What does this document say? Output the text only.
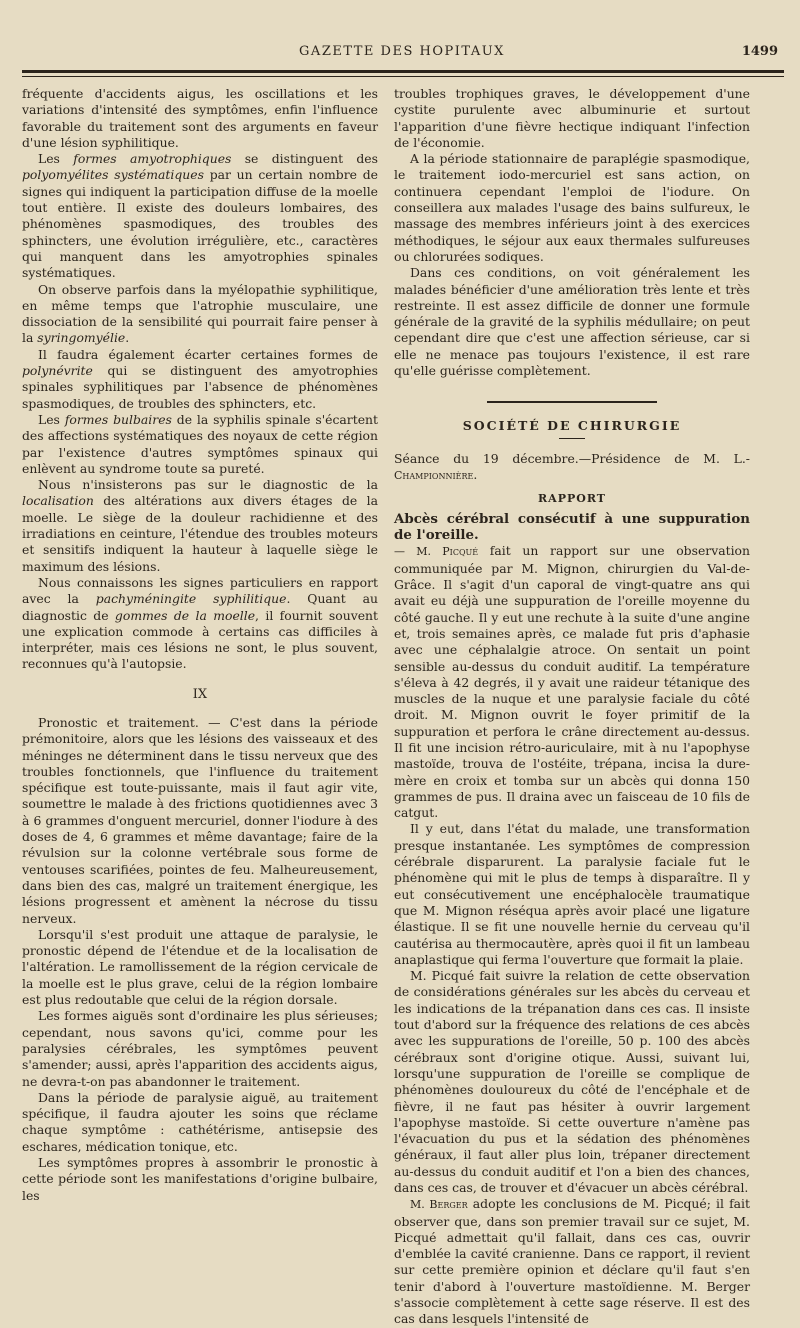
GAZETTE DES HOPITAUX	1499

fréquente d'accidents aigus, les oscillations et les variations d'intensité des symptômes, enfin l'influence favorable du traitement sont des arguments en faveur d'une lésion syphilitique.

Les formes amyotrophiques se distinguent des polyomyélites systématiques par un certain nombre de signes qui indiquent la participation diffuse de la moelle tout entière. Il existe des douleurs lombaires, des phénomènes spasmodiques, des troubles des sphincters, une évolution irrégulière, etc., caractères qui manquent dans les amyotrophies spinales systématiques.

On observe parfois dans la myélopathie syphilitique, en même temps que l'atrophie musculaire, une dissociation de la sensibilité qui pourrait faire penser à la syringomyélie.

Il faudra également écarter certaines formes de polynévrite qui se distinguent des amyotrophies spinales syphilitiques par l'absence de phénomènes spasmodiques, de troubles des sphincters, etc.

Les formes bulbaires de la syphilis spinale s'écartent des affections systématiques des noyaux de cette région par l'existence d'autres symptômes spinaux qui enlèvent au syndrome toute sa pureté.

Nous n'insisterons pas sur le diagnostic de la localisation des altérations aux divers étages de la moelle. Le siège de la douleur rachidienne et des irradiations en ceinture, l'étendue des troubles moteurs et sensitifs indiquent la hauteur à laquelle siège le maximum des lésions.

Nous connaissons les signes particuliers en rapport avec la pachyméningite syphilitique. Quant au diagnostic de gommes de la moelle, il fournit souvent une explication commode à certains cas difficiles à interpréter, mais ces lésions ne sont, le plus souvent, reconnues qu'à l'autopsie.

IX

Pronostic et traitement. — C'est dans la période prémonitoire, alors que les lésions des vaisseaux et des méninges ne déterminent dans le tissu nerveux que des troubles fonctionnels, que l'influence du traitement spécifique est toute-puissante, mais il faut agir vite, soumettre le malade à des frictions quotidiennes avec 3 à 6 grammes d'onguent mercuriel, donner l'iodure à des doses de 4, 6 grammes et même davantage; faire de la révulsion sur la colonne vertébrale sous forme de ventouses scarifiées, pointes de feu. Malheureusement, dans bien des cas, malgré un traitement énergique, les lésions progressent et amènent la nécrose du tissu nerveux.

Lorsqu'il s'est produit une attaque de paralysie, le pronostic dépend de l'étendue et de la localisation de l'altération. Le ramollissement de la région cervicale de la moelle est le plus grave, celui de la région lombaire est plus redoutable que celui de la région dorsale.

Les formes aiguës sont d'ordinaire les plus sérieuses; cependant, nous savons qu'ici, comme pour les paralysies cérébrales, les symptômes peuvent s'amender; aussi, après l'apparition des accidents aigus, ne devra-t-on pas abandonner le traitement.

Dans la période de paralysie aiguë, au traitement spécifique, il faudra ajouter les soins que réclame chaque symptôme : cathétérisme, antisepsie des eschares, médication tonique, etc.

Les symptômes propres à assombrir le pronostic à cette période sont les manifestations d'origine bulbaire, les

troubles trophiques graves, le développement d'une cystite purulente avec albuminurie et surtout l'apparition d'une fièvre hectique indiquant l'infection de l'économie.

A la période stationnaire de paraplégie spasmodique, le traitement iodo-mercuriel est sans action, on continuera cependant l'emploi de l'iodure. On conseillera aux malades l'usage des bains sulfureux, le massage des membres inférieurs joint à des exercices méthodiques, le séjour aux eaux thermales sulfureuses ou chlorurées sodiques.

Dans ces conditions, on voit généralement les malades bénéficier d'une amélioration très lente et très restreinte. Il est assez difficile de donner une formule générale de la gravité de la syphilis médullaire; on peut cependant dire que c'est une affection sérieuse, car si elle ne menace pas toujours l'existence, il est rare qu'elle guérisse complètement.

SOCIÉTÉ DE CHIRURGIE

Séance du 19 décembre.—Présidence de M. L.-Championnière.

RAPPORT

Abcès cérébral consécutif à une suppuration de l'oreille.

— M. Picqué fait un rapport sur une observation communiquée par M. Mignon, chirurgien du Val-de-Grâce. Il s'agit d'un caporal de vingt-quatre ans qui avait eu déjà une suppuration de l'oreille moyenne du côté gauche. Il y eut une rechute à la suite d'une angine et, trois semaines après, ce malade fut pris d'aphasie avec une céphalalgie atroce. On sentait un point sensible au-dessus du conduit auditif. La température s'éleva à 42 degrés, il y avait une raideur tétanique des muscles de la nuque et une paralysie faciale du côté droit. M. Mignon ouvrit le foyer primitif de la suppuration et perfora le crâne directement au-dessus. Il fit une incision rétro-auriculaire, mit à nu l'apophyse mastoïde, trouva de l'ostéite, trépana, incisa la dure-mère en croix et tomba sur un abcès qui donna 150 grammes de pus. Il draina avec un faisceau de 10 fils de catgut.

Il y eut, dans l'état du malade, une transformation presque instantanée. Les symptômes de compression cérébrale disparurent. La paralysie faciale fut le phénomène qui mit le plus de temps à disparaître. Il y eut consécutivement une encéphalocèle traumatique que M. Mignon réséqua après avoir placé une ligature élastique. Il se fit une nouvelle hernie du cerveau qu'il cautérisa au thermocautère, après quoi il fit un lambeau anaplastique qui ferma l'ouverture que formait la plaie.

M. Picqué fait suivre la relation de cette observation de considérations générales sur les abcès du cerveau et les indications de la trépanation dans ces cas. Il insiste tout d'abord sur la fréquence des relations de ces abcès avec les suppurations de l'oreille, 50 p. 100 des abcès cérébraux sont d'origine otique. Aussi, suivant lui, lorsqu'une suppuration de l'oreille se complique de phénomènes douloureux du côté de l'encéphale et de fièvre, il ne faut pas hésiter à ouvrir largement l'apophyse mastoïde. Si cette ouverture n'amène pas l'évacuation du pus et la sédation des phénomènes généraux, il faut aller plus loin, trépaner directement au-dessus du conduit auditif et l'on a bien des chances, dans ces cas, de trouver et d'évacuer un abcès cérébral.

M. Berger adopte les conclusions de M. Picqué; il fait observer que, dans son premier travail sur ce sujet, M. Picqué admettait qu'il fallait, dans ces cas, ouvrir d'emblée la cavité cranienne. Dans ce rapport, il revient sur cette première opinion et déclare qu'il faut s'en tenir d'abord à l'ouverture mastoïdienne. M. Berger s'associe complètement à cette sage réserve. Il est des cas dans lesquels l'intensité de
